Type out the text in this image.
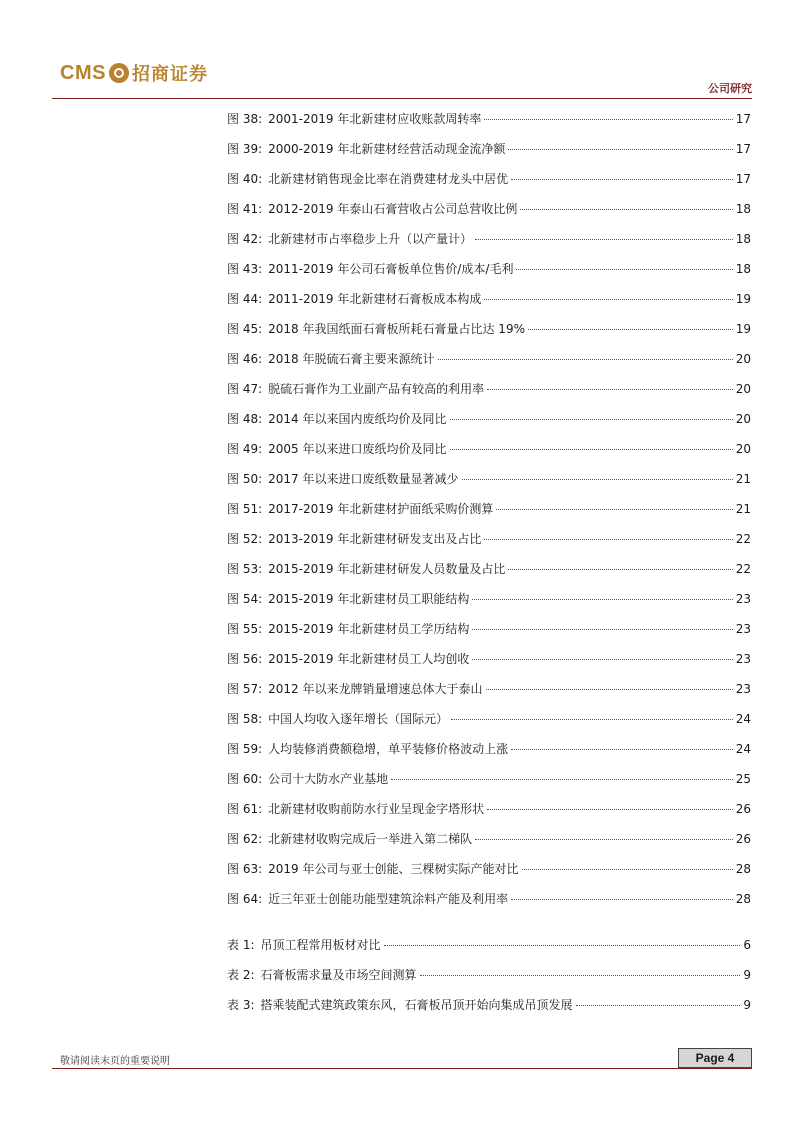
CMS 招商证券
公司研究
图 38: 2001-2019 年北新建材应收账款周转率	17
图 39: 2000-2019 年北新建材经营活动现金流净额	17
图 40: 北新建材销售现金比率在消费建材龙头中居优	17
图 41: 2012-2019 年泰山石膏营收占公司总营收比例	18
图 42: 北新建材市占率稳步上升（以产量计）	18
图 43: 2011-2019 年公司石膏板单位售价/成本/毛利	18
图 44: 2011-2019 年北新建材石膏板成本构成	19
图 45: 2018 年我国纸面石膏板所耗石膏量占比达 19%	19
图 46: 2018 年脱硫石膏主要来源统计	20
图 47: 脱硫石膏作为工业副产品有较高的利用率	20
图 48: 2014 年以来国内废纸均价及同比	20
图 49: 2005 年以来进口废纸均价及同比	20
图 50: 2017 年以来进口废纸数量显著减少	21
图 51: 2017-2019 年北新建材护面纸采购价测算	21
图 52: 2013-2019 年北新建材研发支出及占比	22
图 53: 2015-2019 年北新建材研发人员数量及占比	22
图 54: 2015-2019 年北新建材员工职能结构	23
图 55: 2015-2019 年北新建材员工学历结构	23
图 56: 2015-2019 年北新建材员工人均创收	23
图 57: 2012 年以来龙牌销量增速总体大于泰山	23
图 58: 中国人均收入逐年增长（国际元）	24
图 59: 人均装修消费额稳增，单平装修价格波动上涨	24
图 60: 公司十大防水产业基地	25
图 61: 北新建材收购前防水行业呈现金字塔形状	26
图 62: 北新建材收购完成后一举进入第二梯队	26
图 63: 2019 年公司与亚士创能、三棵树实际产能对比	28
图 64: 近三年亚士创能功能型建筑涂料产能及利用率	28
表 1: 吊顶工程常用板材对比	6
表 2: 石膏板需求量及市场空间测算	9
表 3: 搭乘装配式建筑政策东风，石膏板吊顶开始向集成吊顶发展	9
敬请阅读末页的重要说明	Page 4
